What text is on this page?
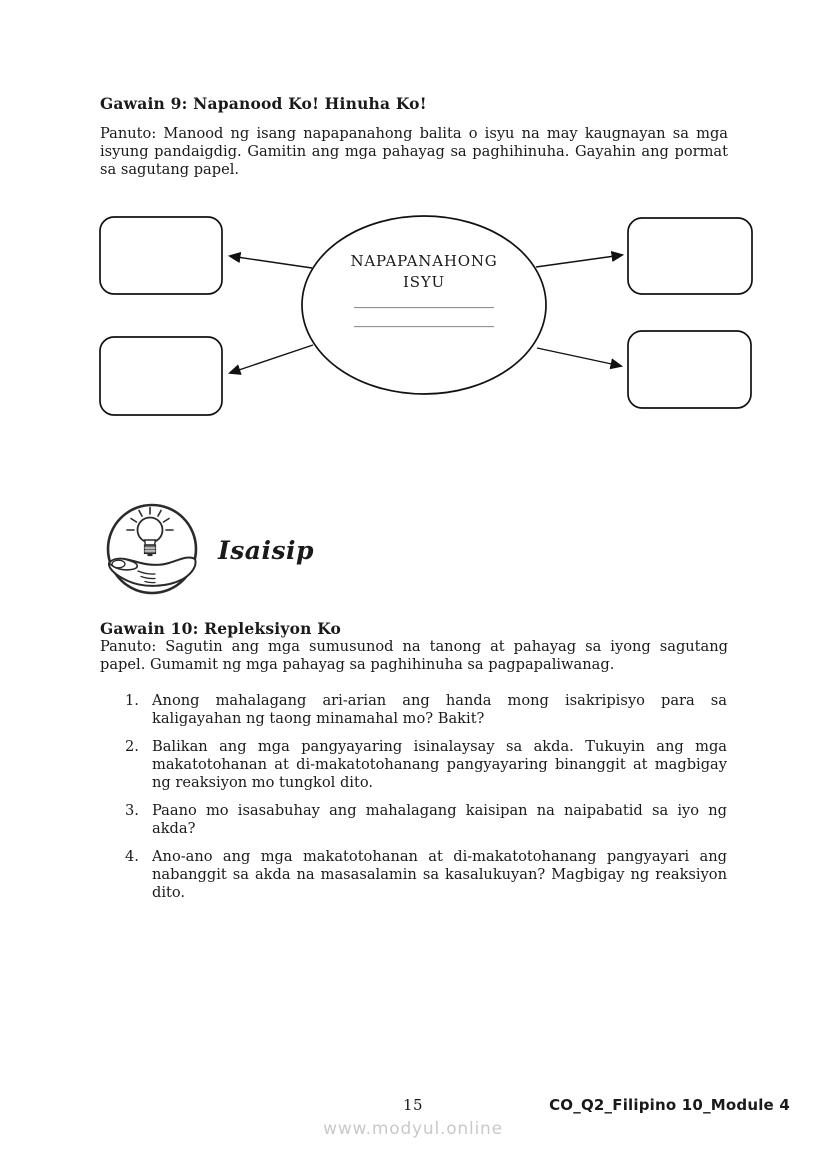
Gawain 9: Napanood Ko! Hinuha Ko!
Panuto: Manood ng isang napapanahong balita o isyu na may kaugnayan sa mga isyung pandaigdig. Gamitin ang mga pahayag sa paghihinuha. Gayahin ang pormat sa sagutang papel.
NAPAPANAHONG
ISYU
____________________
____________________
Isaisip
Gawain 10: Repleksiyon Ko
Panuto: Sagutin ang mga sumusunod na tanong at pahayag sa iyong sagutang papel. Gumamit ng mga pahayag sa paghihinuha sa pagpapaliwanag.
1. Anong mahalagang ari-arian ang handa mong isakripisyo para sa kaligayahan ng taong minamahal mo? Bakit?
2. Balikan ang mga pangyayaring isinalaysay sa akda. Tukuyin ang mga makatotohanan at di-makatotohanang pangyayaring binanggit at magbigay ng reaksiyon mo tungkol dito.
3. Paano mo isasabuhay ang mahalagang kaisipan na naipabatid sa iyo ng akda?
4. Ano-ano ang mga makatotohanan at di-makatotohanang pangyayari ang nabanggit sa akda na masasalamin sa kasalukuyan? Magbigay ng reaksiyon dito.
15	CO_Q2_Filipino 10_Module 4
www.modyul.online
